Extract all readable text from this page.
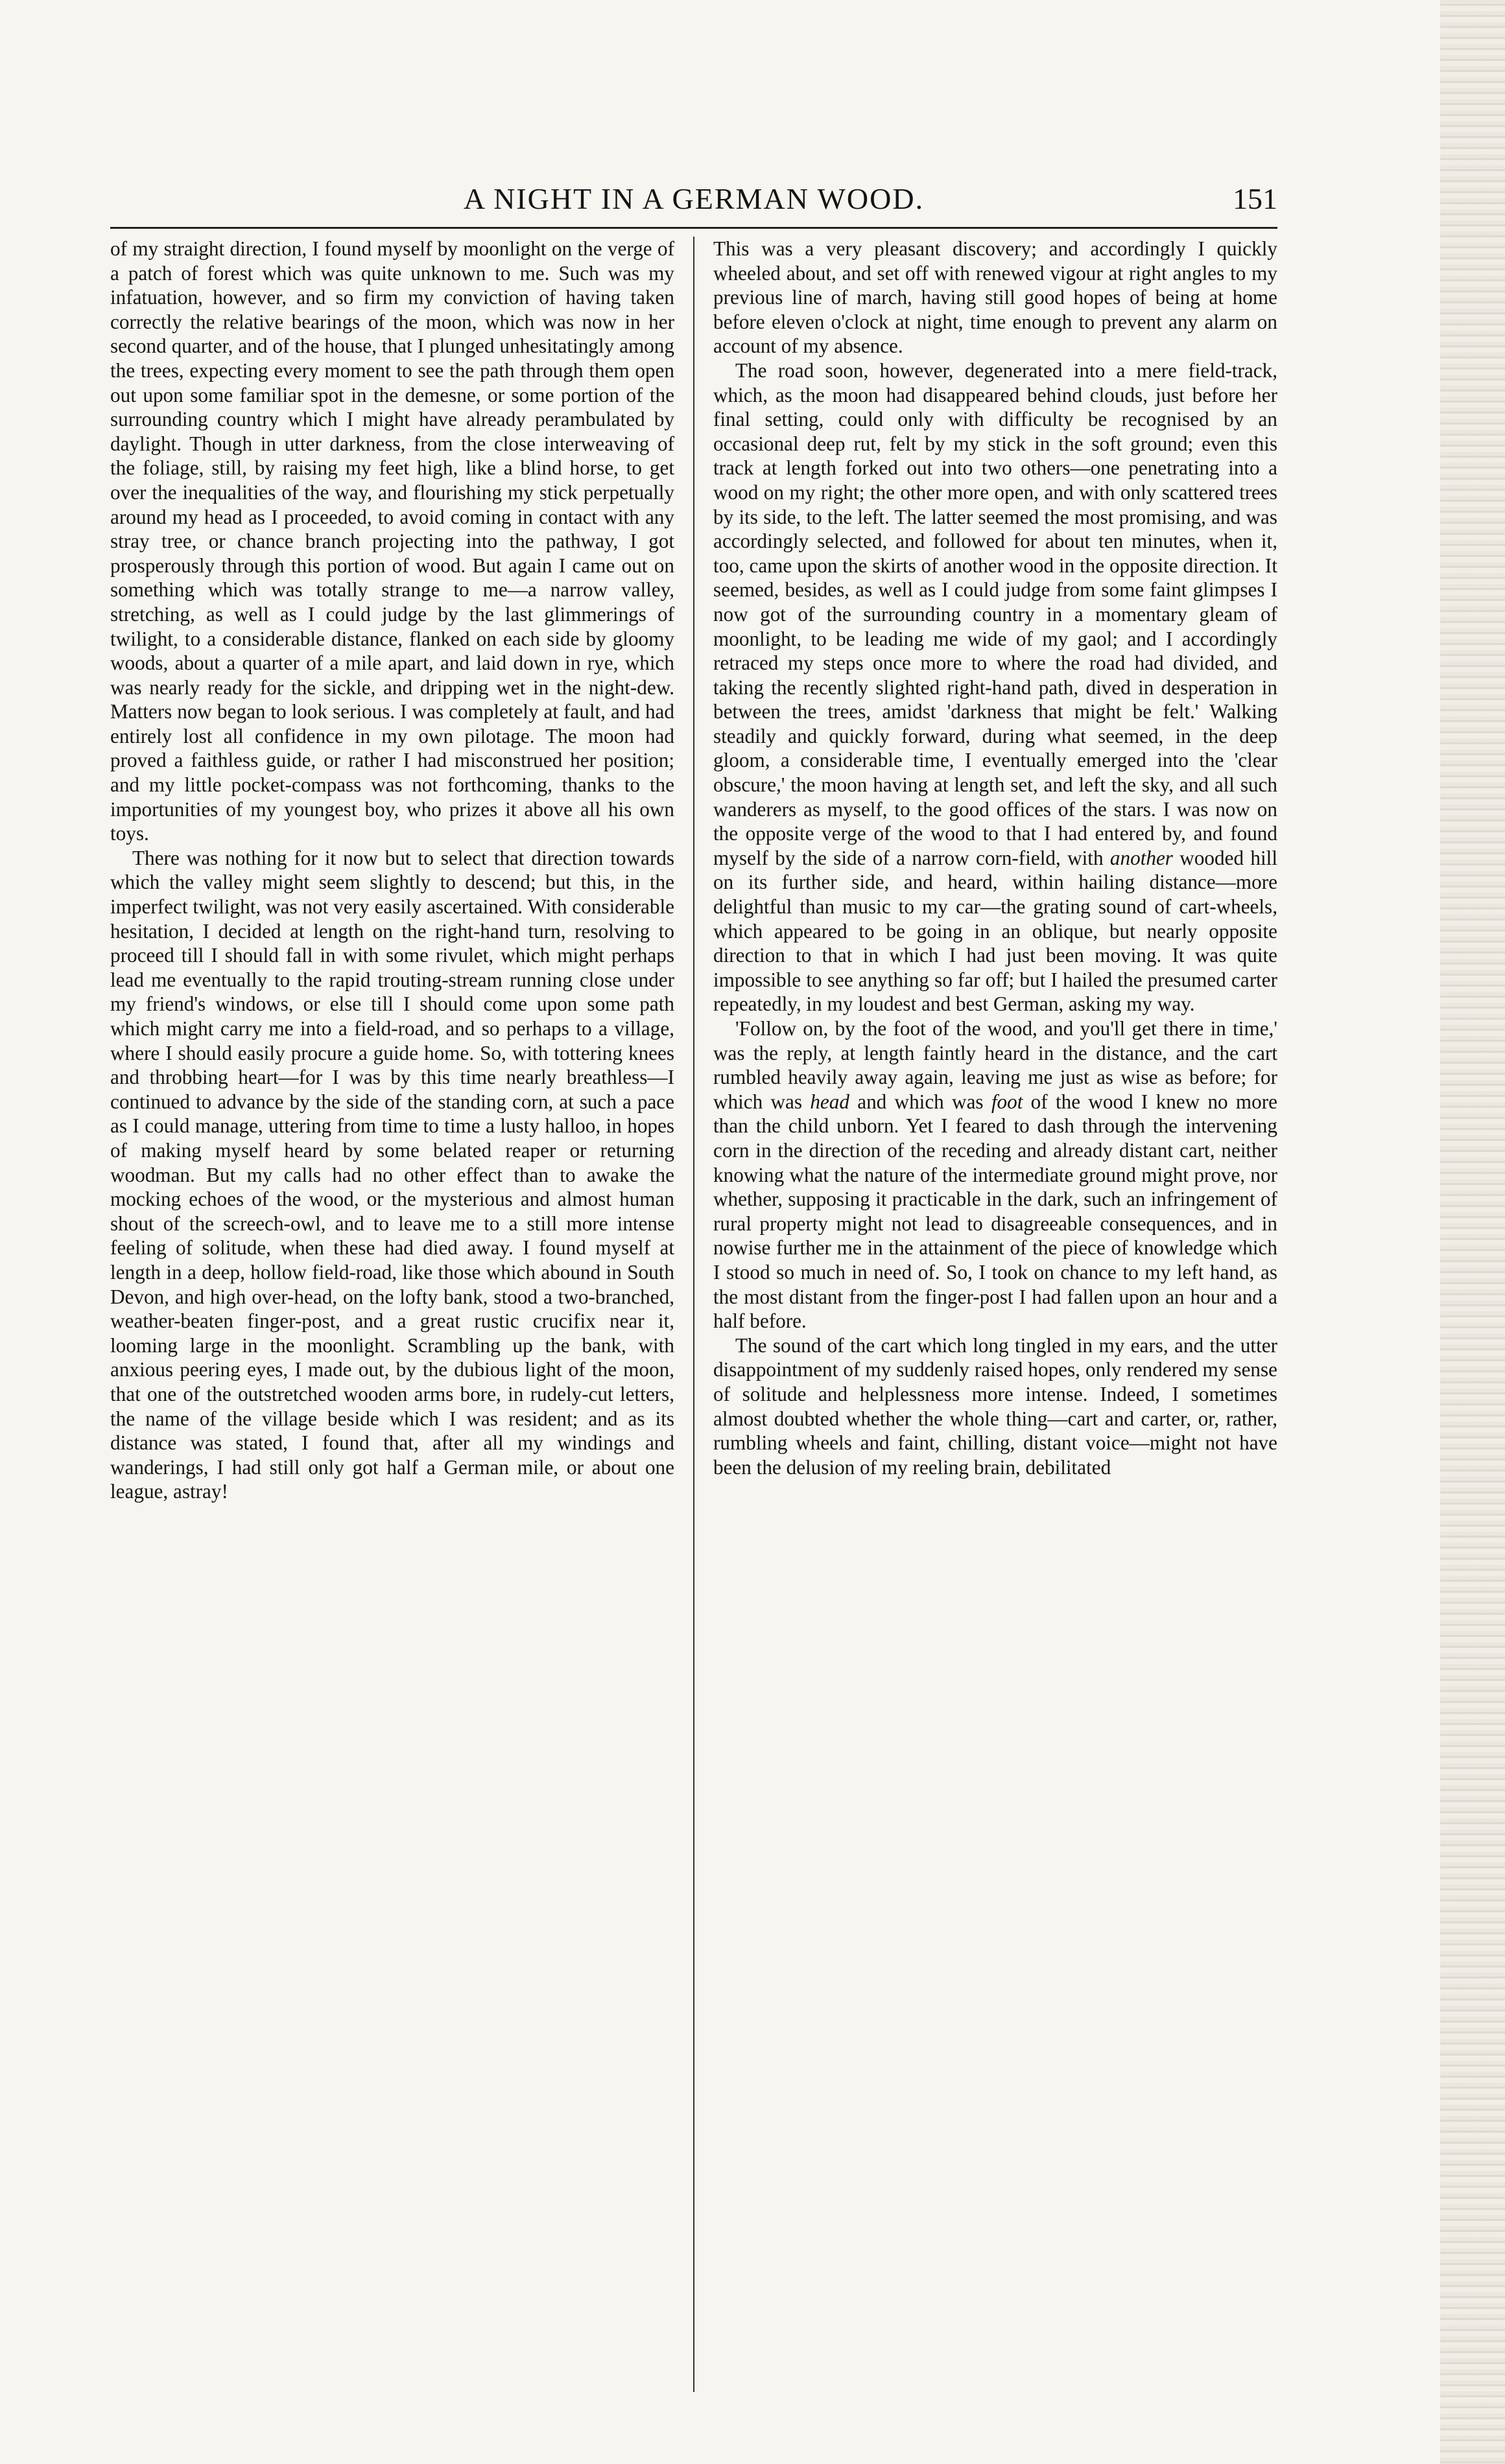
A NIGHT IN A GERMAN WOOD.	151

of my straight direction, I found myself by moonlight on the verge of a patch of forest which was quite unknown to me. Such was my infatuation, however, and so firm my conviction of having taken correctly the relative bearings of the moon, which was now in her second quarter, and of the house, that I plunged unhesitatingly among the trees, expecting every moment to see the path through them open out upon some familiar spot in the demesne, or some portion of the surrounding country which I might have already perambulated by daylight. Though in utter darkness, from the close interweaving of the foliage, still, by raising my feet high, like a blind horse, to get over the inequalities of the way, and flourishing my stick perpetually around my head as I proceeded, to avoid coming in contact with any stray tree, or chance branch projecting into the pathway, I got prosperously through this portion of wood. But again I came out on something which was totally strange to me—a narrow valley, stretching, as well as I could judge by the last glimmerings of twilight, to a considerable distance, flanked on each side by gloomy woods, about a quarter of a mile apart, and laid down in rye, which was nearly ready for the sickle, and dripping wet in the night-dew. Matters now began to look serious. I was completely at fault, and had entirely lost all confidence in my own pilotage. The moon had proved a faithless guide, or rather I had misconstrued her position; and my little pocket-compass was not forthcoming, thanks to the importunities of my youngest boy, who prizes it above all his own toys.

There was nothing for it now but to select that direction towards which the valley might seem slightly to descend; but this, in the imperfect twilight, was not very easily ascertained. With considerable hesitation, I decided at length on the right-hand turn, resolving to proceed till I should fall in with some rivulet, which might perhaps lead me eventually to the rapid trouting-stream running close under my friend's windows, or else till I should come upon some path which might carry me into a field-road, and so perhaps to a village, where I should easily procure a guide home. So, with tottering knees and throbbing heart—for I was by this time nearly breathless—I continued to advance by the side of the standing corn, at such a pace as I could manage, uttering from time to time a lusty halloo, in hopes of making myself heard by some belated reaper or returning woodman. But my calls had no other effect than to awake the mocking echoes of the wood, or the mysterious and almost human shout of the screech-owl, and to leave me to a still more intense feeling of solitude, when these had died away. I found myself at length in a deep, hollow field-road, like those which abound in South Devon, and high over-head, on the lofty bank, stood a two-branched, weather-beaten finger-post, and a great rustic crucifix near it, looming large in the moonlight. Scrambling up the bank, with anxious peering eyes, I made out, by the dubious light of the moon, that one of the outstretched wooden arms bore, in rudely-cut letters, the name of the village beside which I was resident; and as its distance was stated, I found that, after all my windings and wanderings, I had still only got half a German mile, or about one league, astray!

This was a very pleasant discovery; and accordingly I quickly wheeled about, and set off with renewed vigour at right angles to my previous line of march, having still good hopes of being at home before eleven o'clock at night, time enough to prevent any alarm on account of my absence.

The road soon, however, degenerated into a mere field-track, which, as the moon had disappeared behind clouds, just before her final setting, could only with difficulty be recognised by an occasional deep rut, felt by my stick in the soft ground; even this track at length forked out into two others—one penetrating into a wood on my right; the other more open, and with only scattered trees by its side, to the left. The latter seemed the most promising, and was accordingly selected, and followed for about ten minutes, when it, too, came upon the skirts of another wood in the opposite direction. It seemed, besides, as well as I could judge from some faint glimpses I now got of the surrounding country in a momentary gleam of moonlight, to be leading me wide of my gaol; and I accordingly retraced my steps once more to where the road had divided, and taking the recently slighted right-hand path, dived in desperation in between the trees, amidst 'darkness that might be felt.' Walking steadily and quickly forward, during what seemed, in the deep gloom, a considerable time, I eventually emerged into the 'clear obscure,' the moon having at length set, and left the sky, and all such wanderers as myself, to the good offices of the stars. I was now on the opposite verge of the wood to that I had entered by, and found myself by the side of a narrow corn-field, with another wooded hill on its further side, and heard, within hailing distance—more delightful than music to my car—the grating sound of cart-wheels, which appeared to be going in an oblique, but nearly opposite direction to that in which I had just been moving. It was quite impossible to see anything so far off; but I hailed the presumed carter repeatedly, in my loudest and best German, asking my way.

'Follow on, by the foot of the wood, and you'll get there in time,' was the reply, at length faintly heard in the distance, and the cart rumbled heavily away again, leaving me just as wise as before; for which was head and which was foot of the wood I knew no more than the child unborn. Yet I feared to dash through the intervening corn in the direction of the receding and already distant cart, neither knowing what the nature of the intermediate ground might prove, nor whether, supposing it practicable in the dark, such an infringement of rural property might not lead to disagreeable consequences, and in nowise further me in the attainment of the piece of knowledge which I stood so much in need of. So, I took on chance to my left hand, as the most distant from the finger-post I had fallen upon an hour and a half before.

The sound of the cart which long tingled in my ears, and the utter disappointment of my suddenly raised hopes, only rendered my sense of solitude and helplessness more intense. Indeed, I sometimes almost doubted whether the whole thing—cart and carter, or, rather, rumbling wheels and faint, chilling, distant voice—might not have been the delusion of my reeling brain, debilitated
